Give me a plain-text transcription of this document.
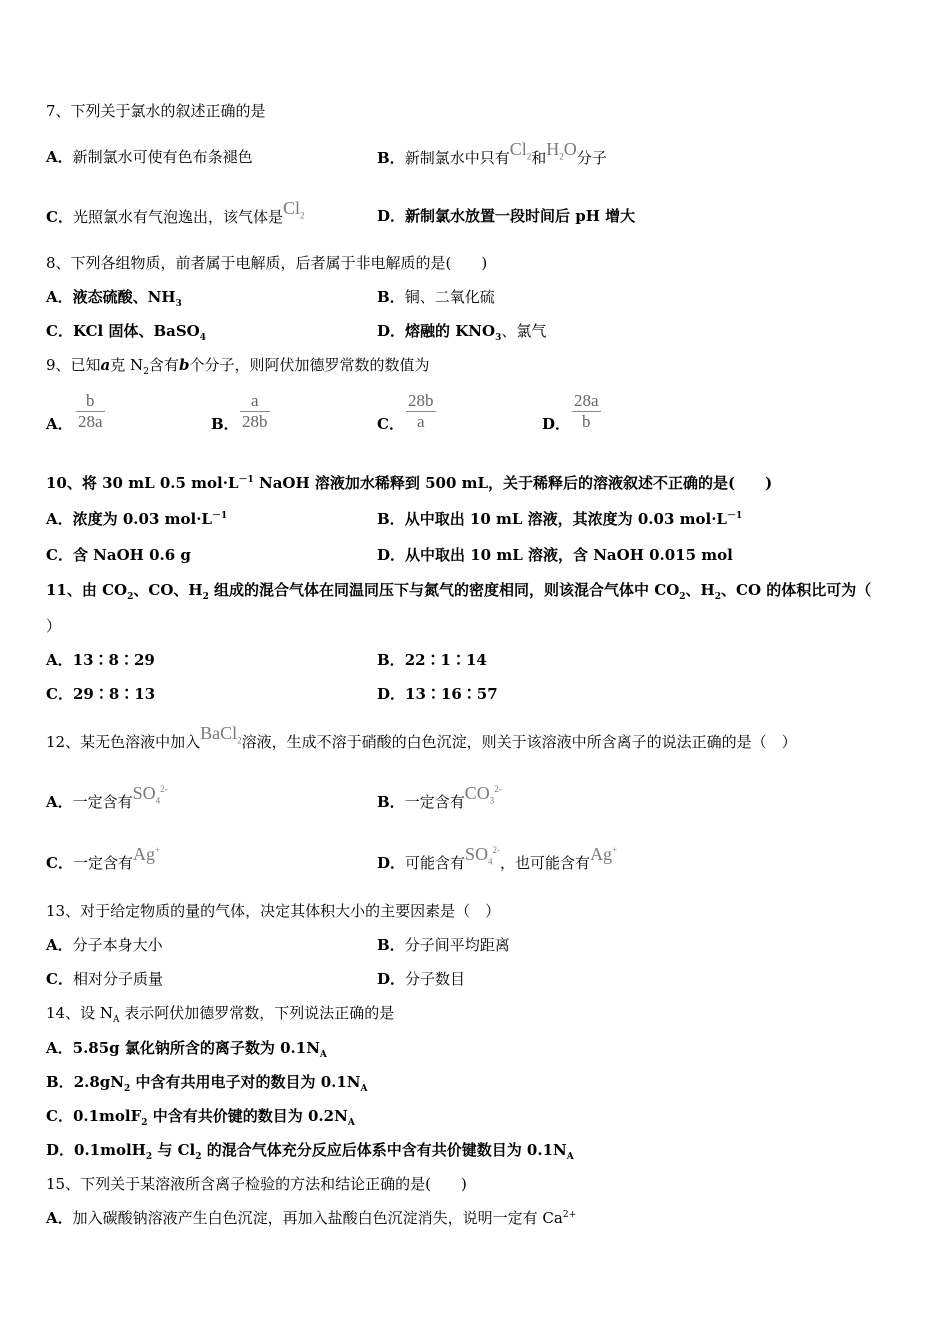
7、下列关于氯水的叙述正确的是
A．新制氯水可使有色布条褪色	B．新制氯水中只有$Cl_2$和$H_2O$分子
C．光照氯水有气泡逸出，该气体是$Cl_2$	D．新制氯水放置一段时间后 pH 增大
8、下列各组物质，前者属于电解质，后者属于非电解质的是(　　)
A．液态硫酸、$NH_3$	B．铜、二氧化硫
C．KCl 固体、BaSO$_4$	D．熔融的 $KNO_3$、氯气
9、已知a克 $N_2$含有b个分子，则阿伏加德罗常数的数值为
A． $\frac{b}{28a}$	B． $\frac{a}{28b}$	C． $\frac{28b}{a}$	D． $\frac{28a}{b}$
10、将 30 mL 0.5 $mol\cdot L^{-1}$ NaOH 溶液加水稀释到 500 mL，关于稀释后的溶液叙述不正确的是(　　)
A．浓度为 0.03 $mol\cdot L^{-1}$	B．从中取出 10 mL 溶液，其浓度为 0.03 $mol\cdot L^{-1}$
C．含 NaOH 0.6 g	D．从中取出 10 mL 溶液，含 NaOH 0.015 mol
11、由 $CO_2$、CO、$H_2$ 组成的混合气体在同温同压下与氮气的密度相同，则该混合气体中 $CO_2$、$H_2$、CO 的体积比可为（
）
A．13∶8∶29	B．22∶1∶14
C．29∶8∶13	D．13∶16∶57
12、某无色溶液中加入BaCl$_2$溶液，生成不溶于硝酸的白色沉淀，则关于该溶液中所含离子的说法正确的是（　）
A．一定含有$SO_4^{2-}$
B．一定含有$CO_3^{2-}$
C．一定含有Ag+
D．可能含有$SO_4^{2-}$，也可能含有Ag+
13、对于给定物质的量的气体，决定其体积大小的主要因素是（　）
A．分子本身大小	B．分子间平均距离
C．相对分子质量	D．分子数目
14、设 $N_A$ 表示阿伏加德罗常数，下列说法正确的是
A．5.85g 氯化钠所含的离子数为 $0.1N_A$
B．$2.8gN_2$ 中含有共用电子对的数目为 $0.1N_A$
C．0.1molF$_2$ 中含有共价键的数目为 $0.2N_A$
D．0.1molH$_2$ 与 $Cl_2$ 的混合气体充分反应后体系中含有共价键数目为 $0.1N_A$
15、下列关于某溶液所含离子检验的方法和结论正确的是(　　)
A．加入碳酸钠溶液产生白色沉淀，再加入盐酸白色沉淀消失，说明一定有 $Ca^{2+}$
